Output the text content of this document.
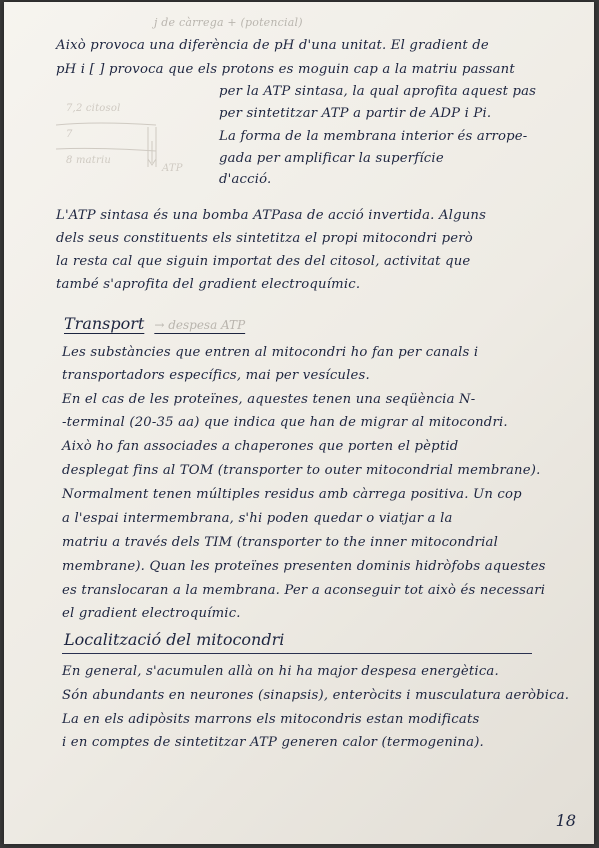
j de càrrega + (potencial)
Això provoca una diferència de pH d'una unitat. El gradient de
pH i [ ] provoca que els protons es moguin cap a la matriu passant
per la ATP sintasa, la qual aprofita aquest pas
per sintetitzar ATP a partir de ADP i Pi.
La forma de la membrana interior és arrope-
gada per amplificar la superfície
d'acció.
7,2 citosol
7
8 matriu
ATP
L'ATP sintasa és una bomba ATPasa de acció invertida. Alguns
dels seus constituents els sintetitza el propi mitocondri però
la resta cal que siguin importat des del citosol, activitat que
també s'aprofita del gradient electroquímic.
Transport → despesa ATP
Les substàncies que entren al mitocondri ho fan per canals i
transportadors específics, mai per vesícules.
En el cas de les proteïnes, aquestes tenen una seqüència N-
-terminal (20-35 aa) que indica que han de migrar al mitocondri.
Això ho fan associades a chaperones que porten el pèptid
desplegat fins al TOM (transporter to outer mitocondrial membrane).
Normalment tenen múltiples residus amb càrrega positiva. Un cop
a l'espai intermembrana, s'hi poden quedar o viatjar a la
matriu a través dels TIM (transporter to the inner mitocondrial
membrane). Quan les proteïnes presenten dominis hidròfobs aquestes
es translocaran a la membrana. Per a aconseguir tot això és necessari
el gradient electroquímic.
Localització del mitocondri
En general, s'acumulen allà on hi ha major despesa energètica.
Són abundants en neurones (sinapsis), enteròcits i musculatura aeròbica.
La en els adipòsits marrons els mitocondris estan modificats
i en comptes de sintetitzar ATP generen calor (termogenina).
18
